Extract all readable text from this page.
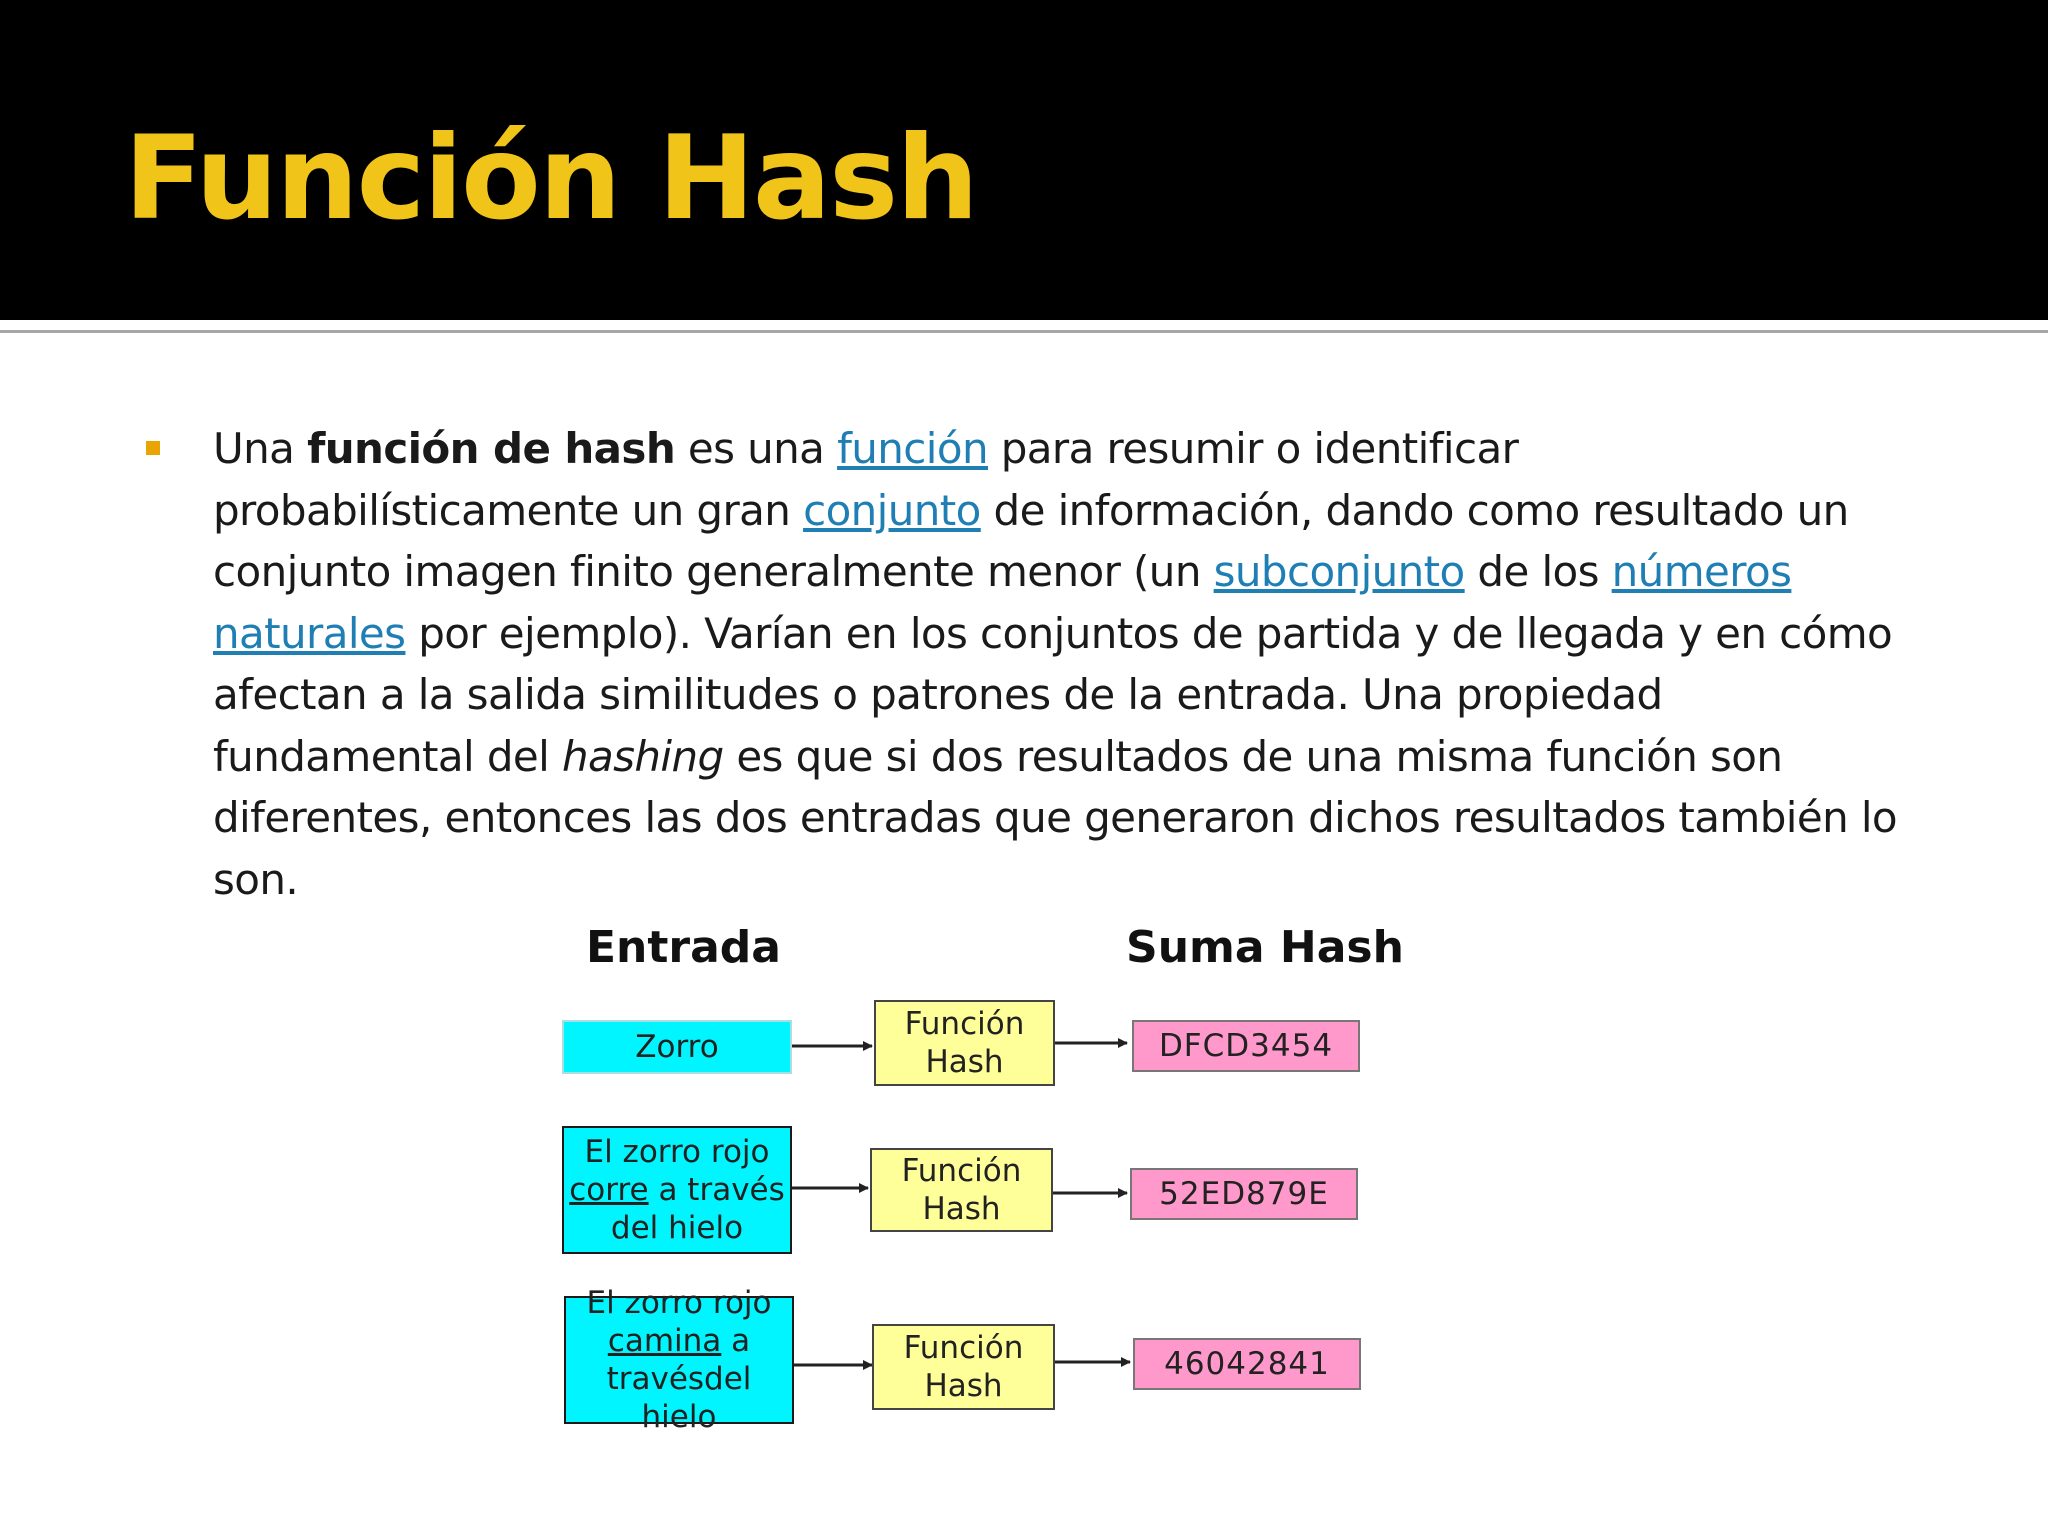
Función Hash

Una función de hash es una función para resumir o identificar probabilísticamente un gran conjunto de información, dando como resultado un conjunto imagen finito generalmente menor (un subconjunto de los números naturales por ejemplo). Varían en los conjuntos de partida y de llegada y en cómo afectan a la salida similitudes o patrones de la entrada. Una propiedad fundamental del hashing es que si dos resultados de una misma función son diferentes, entonces las dos entradas que generaron dichos resultados también lo son.

Entrada	Suma Hash
Zorro
Función
Hash	DFCD3454
El zorro rojo
corre a través
del hielo
Función
Hash	52ED879E
El zorro rojo
camina a
travésdel hielo
Función
Hash
46042841
